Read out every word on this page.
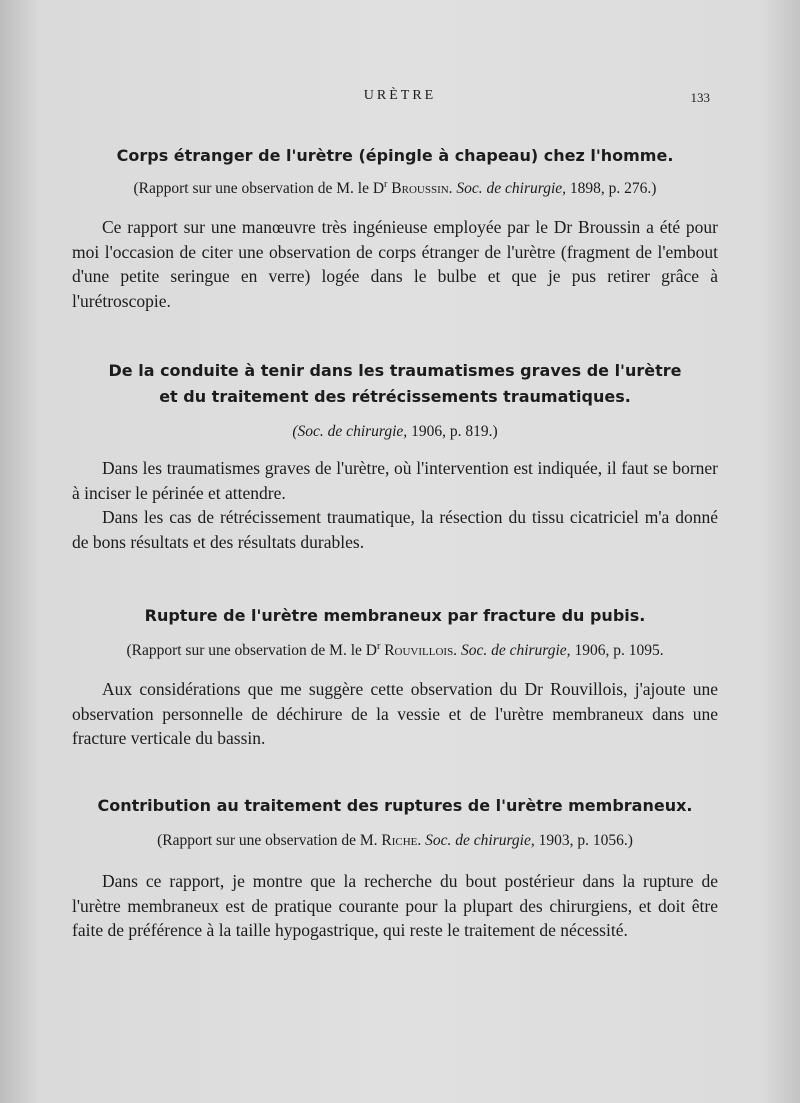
URÈTRE	133
Corps étranger de l'urètre (épingle à chapeau) chez l'homme.

(Rapport sur une observation de M. le $D^r$ Broussin. Soc. de chirurgie, 1898, p. 276.)

Ce rapport sur une manœuvre très ingénieuse employée par le Dr Broussin a été pour moi l'occasion de citer une observation de corps étranger de l'urètre (fragment de l'embout d'une petite seringue en verre) logée dans le bulbe et que je pus retirer grâce à l'urétroscopie.

De la conduite à tenir dans les traumatismes graves de l'urètre
et du traitement des rétrécissements traumatiques.

(Soc. de chirurgie, 1906, p. 819.)

Dans les traumatismes graves de l'urètre, où l'intervention est indiquée, il faut se borner à inciser le périnée et attendre.

Dans les cas de rétrécissement traumatique, la résection du tissu cicatriciel m'a donné de bons résultats et des résultats durables.

Rupture de l'urètre membraneux par fracture du pubis.

(Rapport sur une observation de M. le $D^r$ Rouvillois. Soc. de chirurgie, 1906, p. 1095.

Aux considérations que me suggère cette observation du Dr Rouvillois, j'ajoute une observation personnelle de déchirure de la vessie et de l'urètre membraneux dans une fracture verticale du bassin.

Contribution au traitement des ruptures de l'urètre membraneux.

(Rapport sur une observation de M. Riche. Soc. de chirurgie, 1903, p. 1056.)

Dans ce rapport, je montre que la recherche du bout postérieur dans la rupture de l'urètre membraneux est de pratique courante pour la plupart des chirurgiens, et doit être faite de préférence à la taille hypogastrique, qui reste le traitement de nécessité.
